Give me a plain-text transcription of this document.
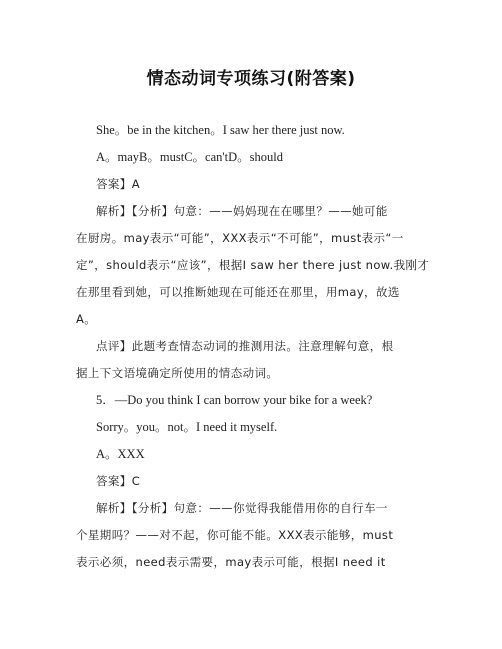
情态动词专项练习(附答案)
She。be in the kitchen。I saw her there just now.
A。mayB。mustC。can'tD。should
答案】A
解析】【分析】句意：——妈妈现在在哪里？——她可能
在厨房。may表示“可能”，XXX表示“不可能”，must表示“一
定”，should表示“应该”，根据I saw her there just now.我刚才
在那里看到她，可以推断她现在可能还在那里，用may，故选
A。
点评】此题考查情态动词的推测用法。注意理解句意，根
据上下文语境确定所使用的情态动词。
5．—Do you think I can borrow your bike for a week?
Sorry。you。not。I need it myself.
A。XXX
答案】C
解析】【分析】句意：——你觉得我能借用你的自行车一
个星期吗？——对不起，你可能不能。XXX表示能够，must
表示必须，need表示需要，may表示可能，根据I need it
